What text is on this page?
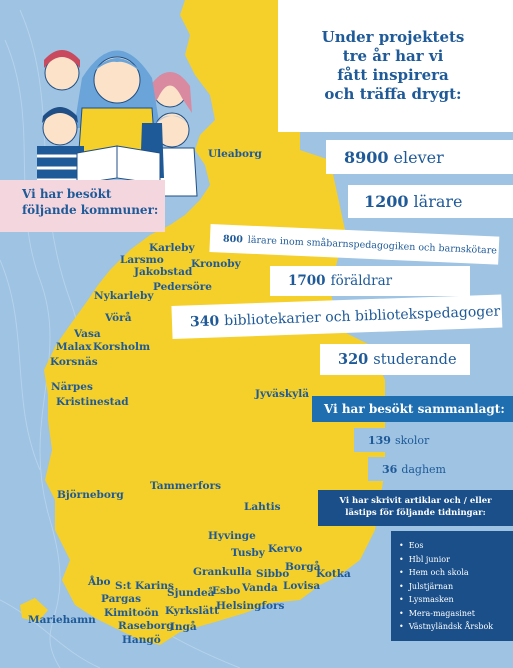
Under projektets
tre år har vi
fått inspirera
och träffa drygt:
Vi har besökt
följande kommuner:
8900 elever
1200 lärare
800 lärare inom småbarnspedagogiken och barnskötare
1700 föräldrar
340 bibliotekarier och bibliotekspedagoger
320 studerande
Vi har besökt sammanlagt:
139 skolor
36 daghem
Vi har skrivit artiklar och / eller
lästips för följande tidningar:
• Eos
• Hbl junior
• Hem och skola
• Julstjärnan
• Lysmasken
• Mera-magasinet
• Västnyländsk Årsbok
Uleaborg
Karleby
Larsmo	Kronoby
Jakobstad
Pedersöre
Nykarleby
Vörå
Vasa
Malax Korsholm
Korsnäs
Närpes
Kristinestad
Jyväskylä
Tammerfors
Björneborg
Lahtis
Hyvinge
Tusby Kervo
Grankulla Sibbo
Borgå
Kotka
Vanda Lovisa
Åbo S:t Karins
Sjundeå
Esbo
Pargas
Kimitoön Kyrkslätt
Helsingfors
Mariehamn Raseborg
Ingå
Hangö
